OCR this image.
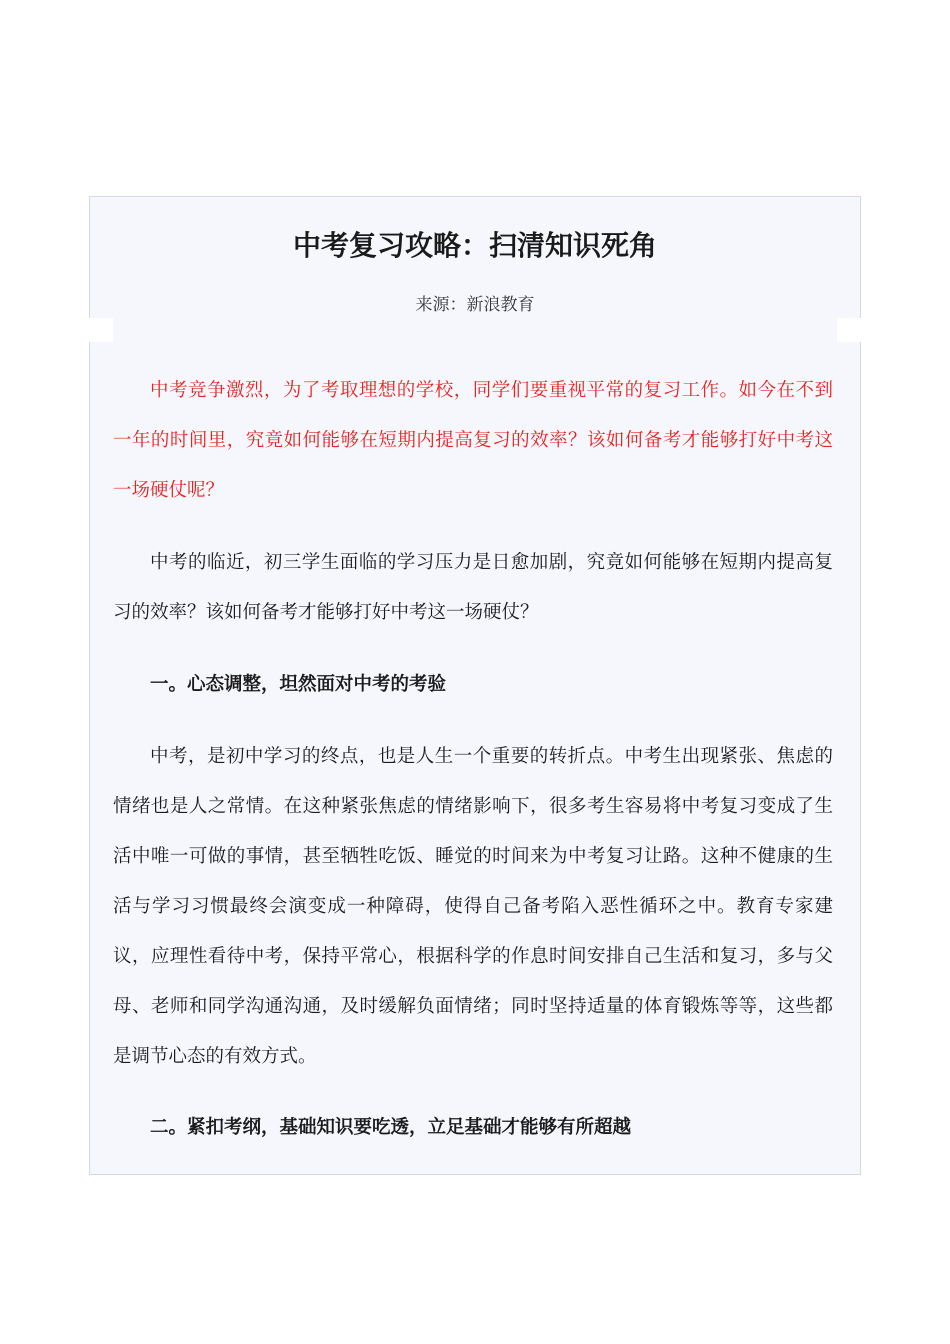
中考复习攻略：扫清知识死角
来源：新浪教育

中考竞争激烈，为了考取理想的学校，同学们要重视平常的复习工作。如今在不到一年的时间里，究竟如何能够在短期内提高复习的效率？该如何备考才能够打好中考这一场硬仗呢？

中考的临近，初三学生面临的学习压力是日愈加剧，究竟如何能够在短期内提高复习的效率？该如何备考才能够打好中考这一场硬仗？

一。心态调整，坦然面对中考的考验

中考，是初中学习的终点，也是人生一个重要的转折点。中考生出现紧张、焦虑的情绪也是人之常情。在这种紧张焦虑的情绪影响下，很多考生容易将中考复习变成了生活中唯一可做的事情，甚至牺牲吃饭、睡觉的时间来为中考复习让路。这种不健康的生活与学习习惯最终会演变成一种障碍，使得自己备考陷入恶性循环之中。教育专家建议，应理性看待中考，保持平常心，根据科学的作息时间安排自己生活和复习，多与父母、老师和同学沟通沟通，及时缓解负面情绪；同时坚持适量的体育锻炼等等，这些都是调节心态的有效方式。

二。紧扣考纲，基础知识要吃透，立足基础才能够有所超越
